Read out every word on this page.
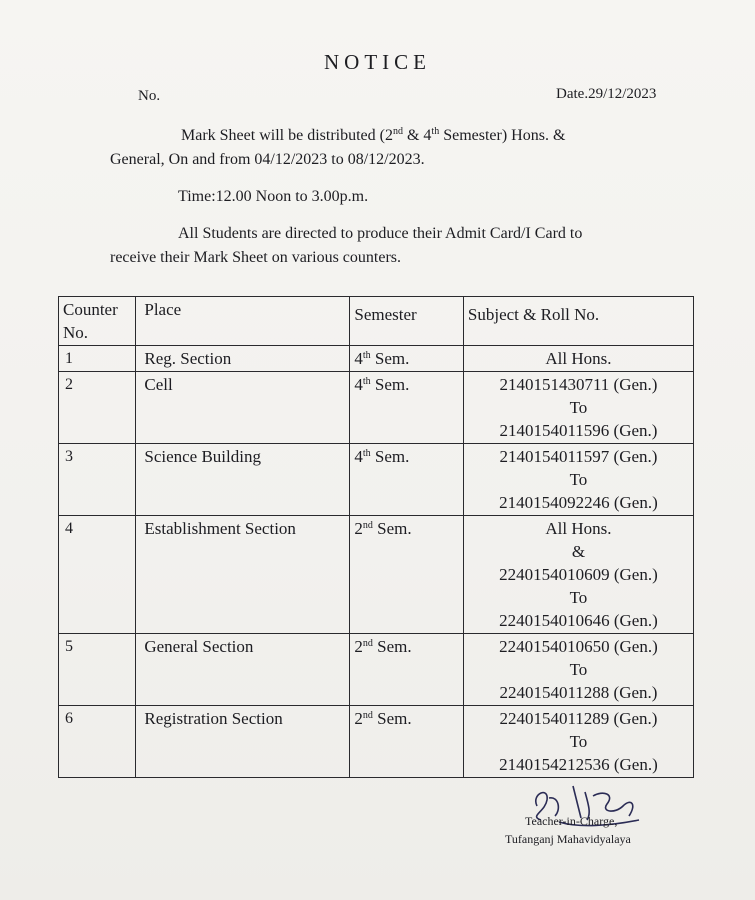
NOTICE
No.	Date.29/12/2023
Mark Sheet will be distributed (2nd & 4th Semester) Hons. &
General, On and from 04/12/2023 to 08/12/2023.
Time:12.00 Noon to 3.00p.m.
All Students are directed to produce their Admit Card/I Card to
receive their Mark Sheet on various counters.
Counter
No.	Place	Semester	Subject & Roll No.
1	Reg. Section	4th Sem.	All Hons.

2	Cell	4th Sem.	2140151430711 (Gen.)
To
2140154011596 (Gen.)

3	Science Building	4th Sem.	2140154011597 (Gen.)
To
2140154092246 (Gen.)

4	Establishment Section	2nd Sem.	All Hons.
&
2240154010609 (Gen.)
To
2240154010646 (Gen.)

5	General Section	2nd Sem.	2240154010650 (Gen.)
To
2240154011288 (Gen.)

6	Registration Section	2nd Sem.	2240154011289 (Gen.)
To
2140154212536 (Gen.)
Teacher-in-Charge,
Tufanganj Mahavidyalaya
